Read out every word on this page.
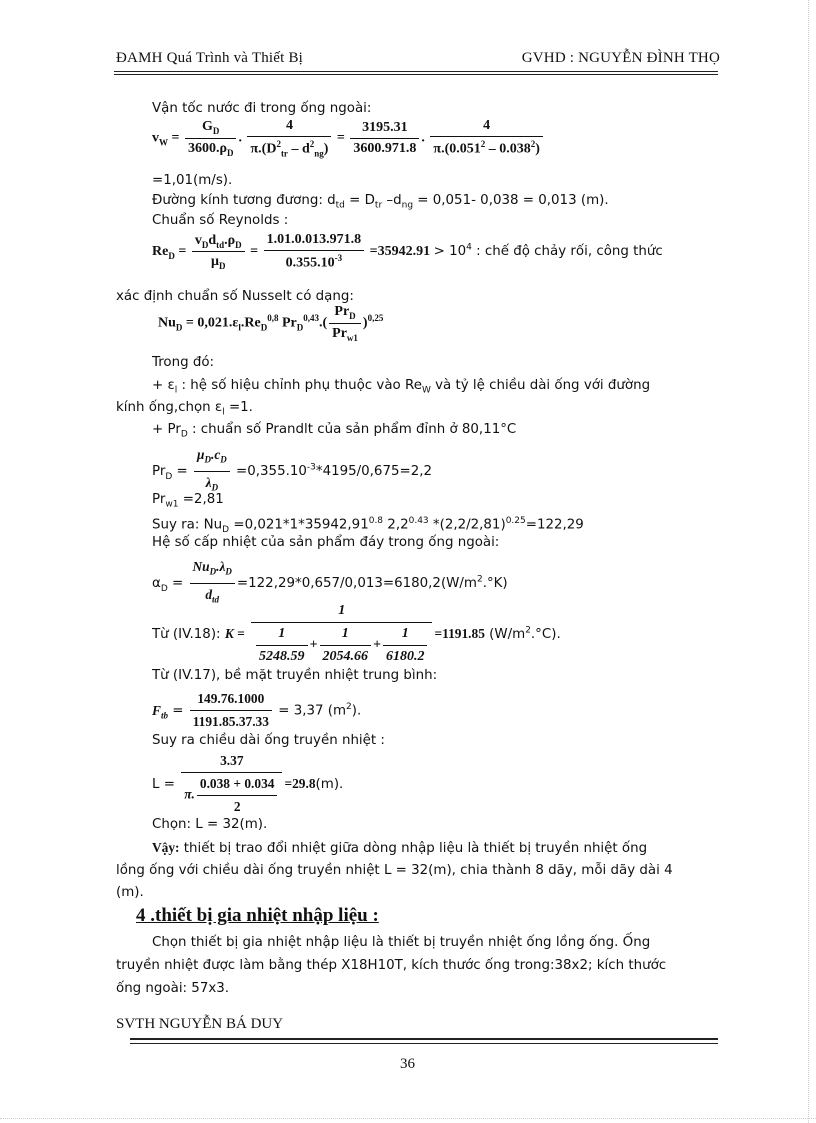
ĐAMH Quá Trình và Thiết Bị	GVHD : NGUYỄN ĐÌNH THỌ
Vận tốc nước đi trong ống ngoài:
$v_W = \frac{G_D}{3600.\rho_D}$ . $\frac{4}{\pi.(D^2_{tr} - d^2_{ng})} = \frac{3195.31}{3600.971.8}$ . $\frac{4}{\pi.(0.051^2 - 0.038^2)}$
=1,01(m/s).
Đường kính tương đương: $d_{td} = D_{tr}$ $-d_{ng} = 0,051-$ 0,038 = 0,013 (m).
Chuẩn số Reynolds :
$Re_D = \frac{v_Dd_{td}.\rho_D}{\mu_D} = \frac{1.01.0.013.971.8}{0.355.10^{-3}} =35942.91 > 10^4$ : chế độ chảy rối, công thức
xác định chuẩn số Nusselt có dạng:
$Nu_D = 0,021.\varepsilon_l.Re_D^{0,8}$ $Pr_D^{0,43}.( \frac{Pr_D}{Pr_{w1}} )^{0,25}$
Trong đó:
+ $\varepsilon_l$ : hệ số hiệu chỉnh phụ thuộc vào $Re_W$ và tỷ lệ chiều dài ống với đường
kính ống,chọn $\varepsilon_l =1$.
+ $Pr_D$ : chuẩn số Prandlt của sản phẩm đỉnh ở 80,11°C
$Pr_D = \frac{\mu_D.c_D}{\lambda_D} =0,355.10^{-3}*4195/0,675=2,2$
$Pr_{w1} =2,81$
Suy ra: $Nu_D =0,021*1*35942,91^{0.8}$ $2,2^{0.43}$ $*(2,2/2,81)^{0.25}=122,29$
Hệ số cấp nhiệt của sản phẩm đáy trong ống ngoài:
$\alpha_D = \frac{Nu_D.\lambda_D}{d_{td}} =122,29*0,657/0,013=6180,2(W/m^2.^\circ K)$
Từ (IV.18): $K = \frac{1}{\frac{1}{5248.59} + \frac{1}{2054.66} + \frac{1}{6180.2}} =1191.85$ $(W/m^2.^\circ C)$.
Từ (IV.17), bề mặt truyền nhiệt trung bình:
$F_{tb} = \frac{149.76.1000}{1191.85.37.33} = 3,37$ $(m^2)$.
Suy ra chiều dài ống truyền nhiệt :
$L = \frac{3.37}{\pi. \frac{0.038 + 0.034}{2}} =29.8(m)$.
Chọn: L = 32(m).
Vậy: thiết bị trao đổi nhiệt giữa dòng nhập liệu là thiết bị truyền nhiệt ống
lồng ống với chiều dài ống truyền nhiệt L = 32(m), chia thành 8 dãy, mỗi dãy dài 4
(m).
4 .thiết bị gia nhiệt nhập liệu :
Chọn thiết bị gia nhiệt nhập liệu là thiết bị truyền nhiệt ống lồng ống. Ống
truyền nhiệt được làm bằng thép X18H10T, kích thước ống trong:38x2; kích thước
ống ngoài: 57x3.
SVTH NGUYỄN BÁ DUY
36
